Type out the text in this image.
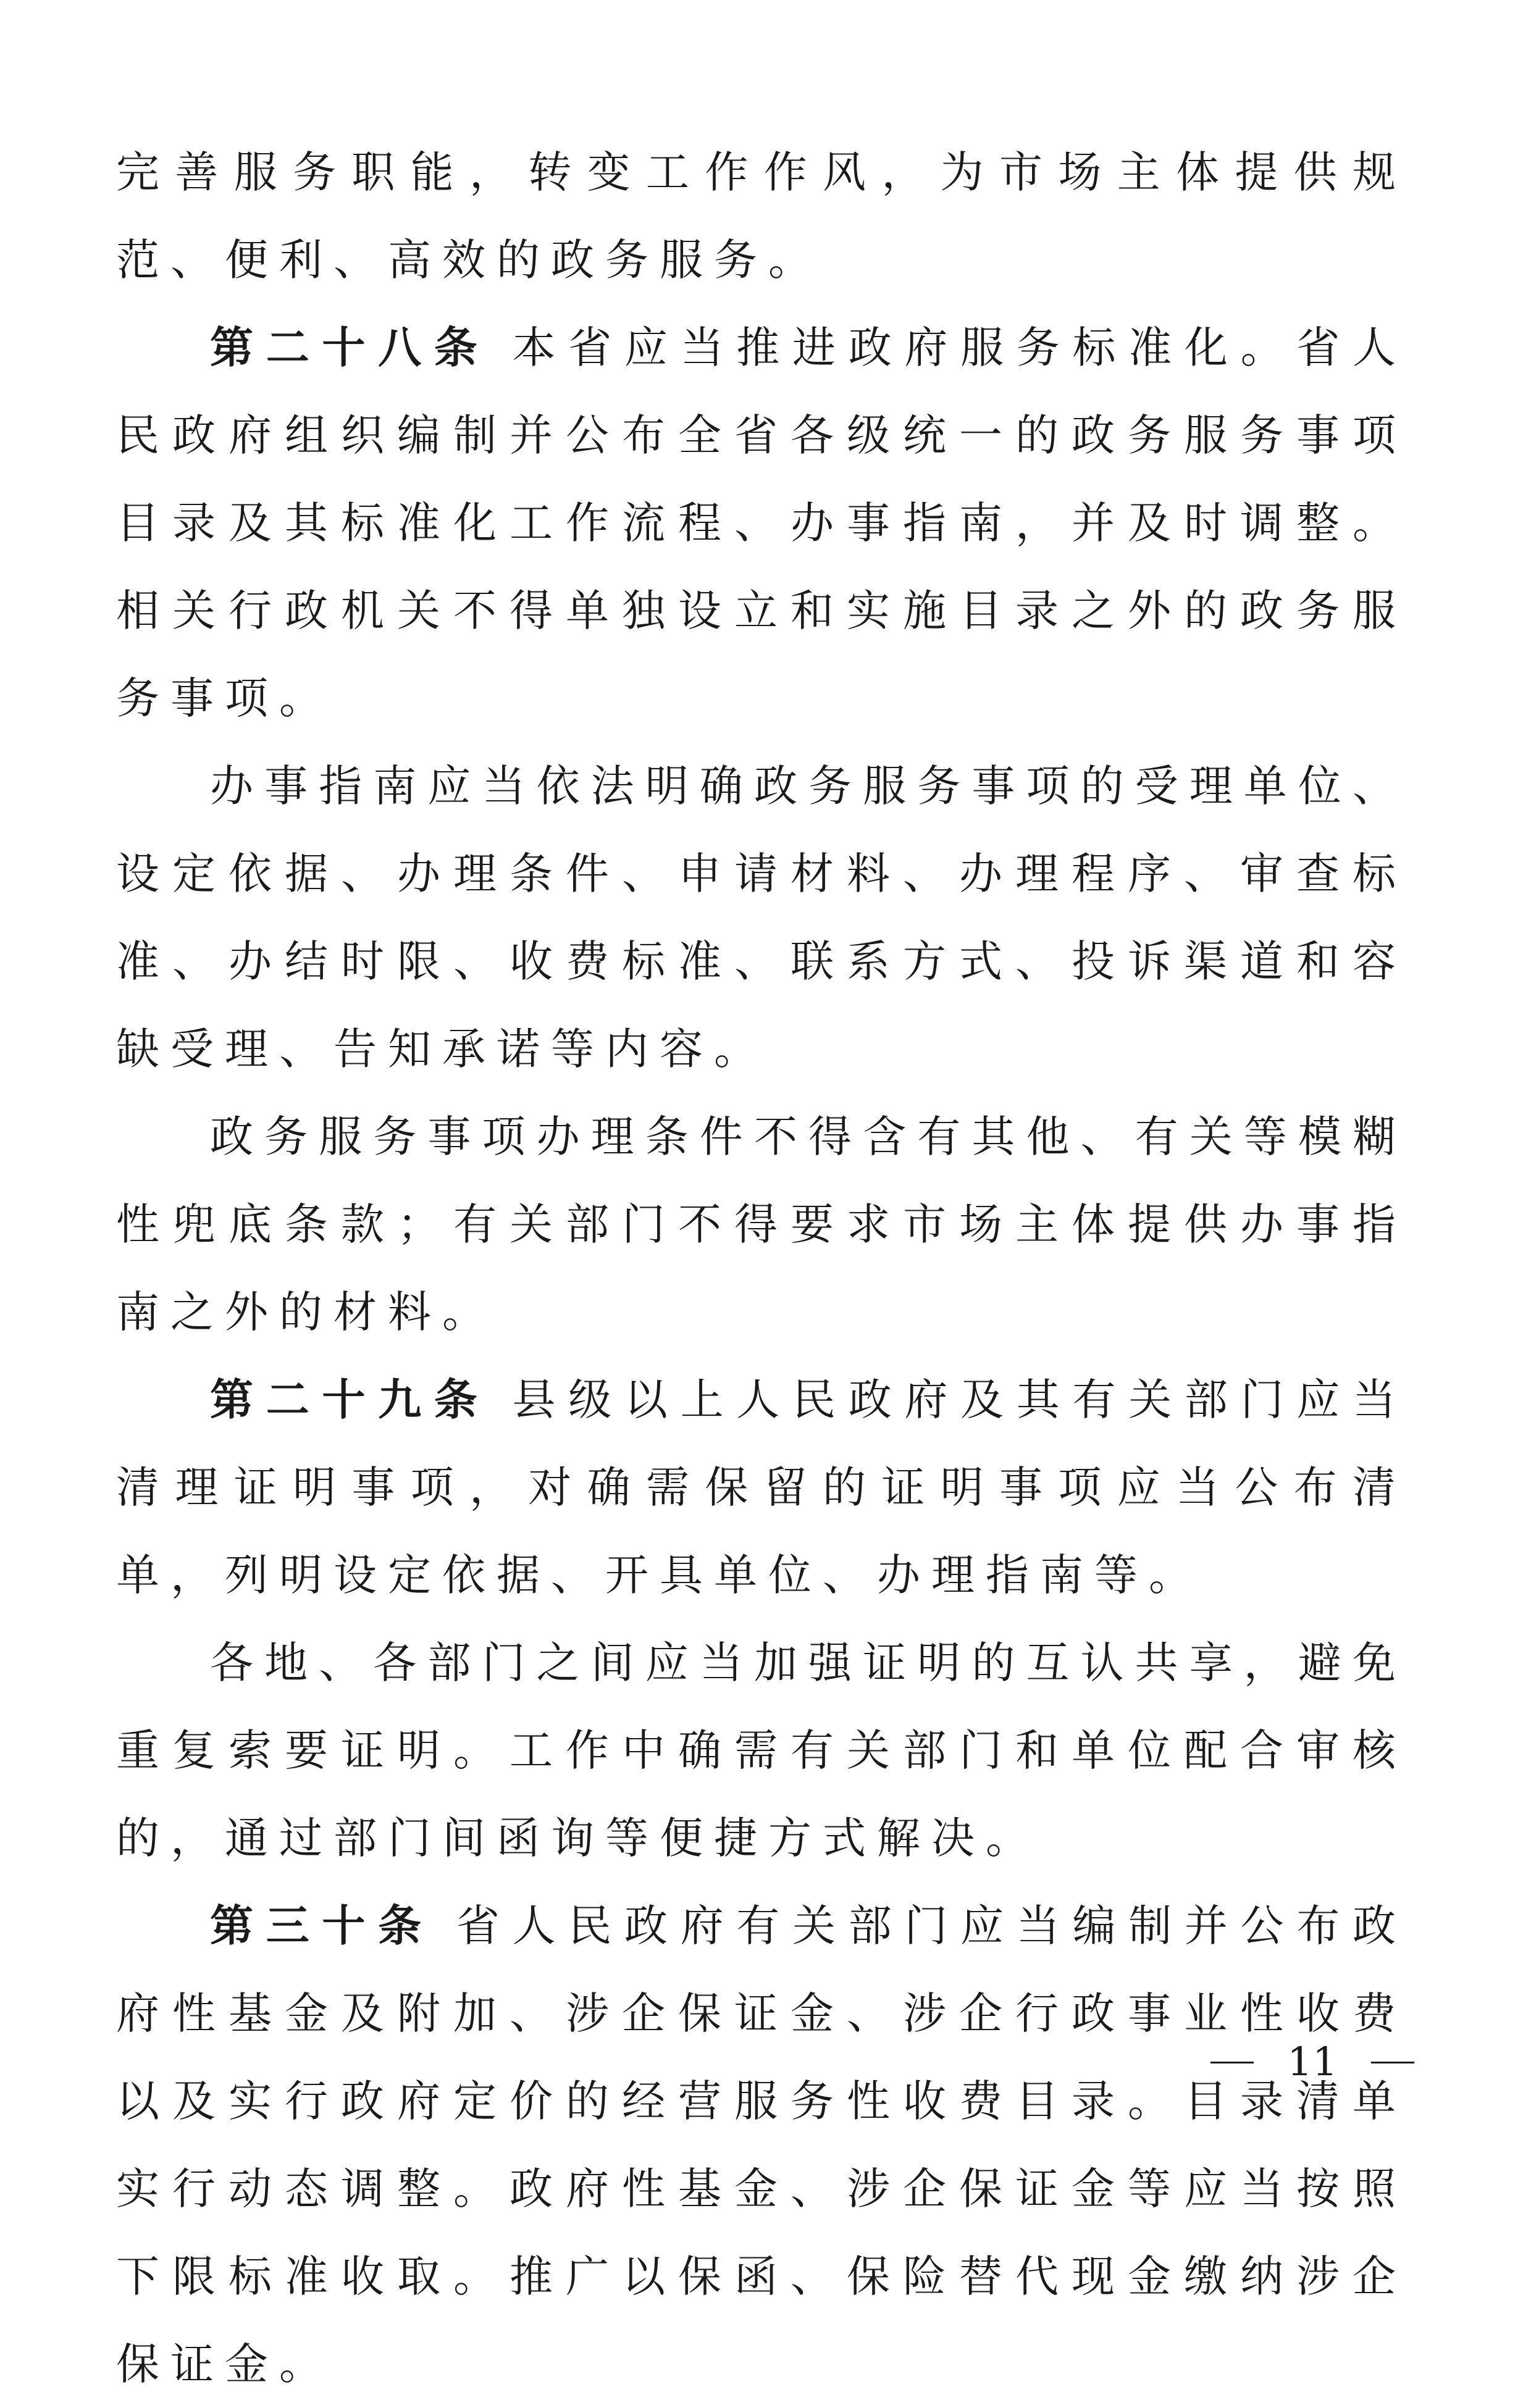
完善服务职能，转变工作作风，为市场主体提供规范、便利、高效的政务服务。

第二十八条 本省应当推进政府服务标准化。省人民政府组织编制并公布全省各级统一的政务服务事项目录及其标准化工作流程、办事指南，并及时调整。相关行政机关不得单独设立和实施目录之外的政务服务事项。

办事指南应当依法明确政务服务事项的受理单位、设定依据、办理条件、申请材料、办理程序、审查标准、办结时限、收费标准、联系方式、投诉渠道和容缺受理、告知承诺等内容。

政务服务事项办理条件不得含有其他、有关等模糊性兜底条款；有关部门不得要求市场主体提供办事指南之外的材料。

第二十九条 县级以上人民政府及其有关部门应当清理证明事项，对确需保留的证明事项应当公布清单，列明设定依据、开具单位、办理指南等。

各地、各部门之间应当加强证明的互认共享，避免重复索要证明。工作中确需有关部门和单位配合审核的，通过部门间函询等便捷方式解决。

第三十条 省人民政府有关部门应当编制并公布政府性基金及附加、涉企保证金、涉企行政事业性收费以及实行政府定价的经营服务性收费目录。目录清单实行动态调整。政府性基金、涉企保证金等应当按照下限标准收取。推广以保函、保险替代现金缴纳涉企保证金。

11
